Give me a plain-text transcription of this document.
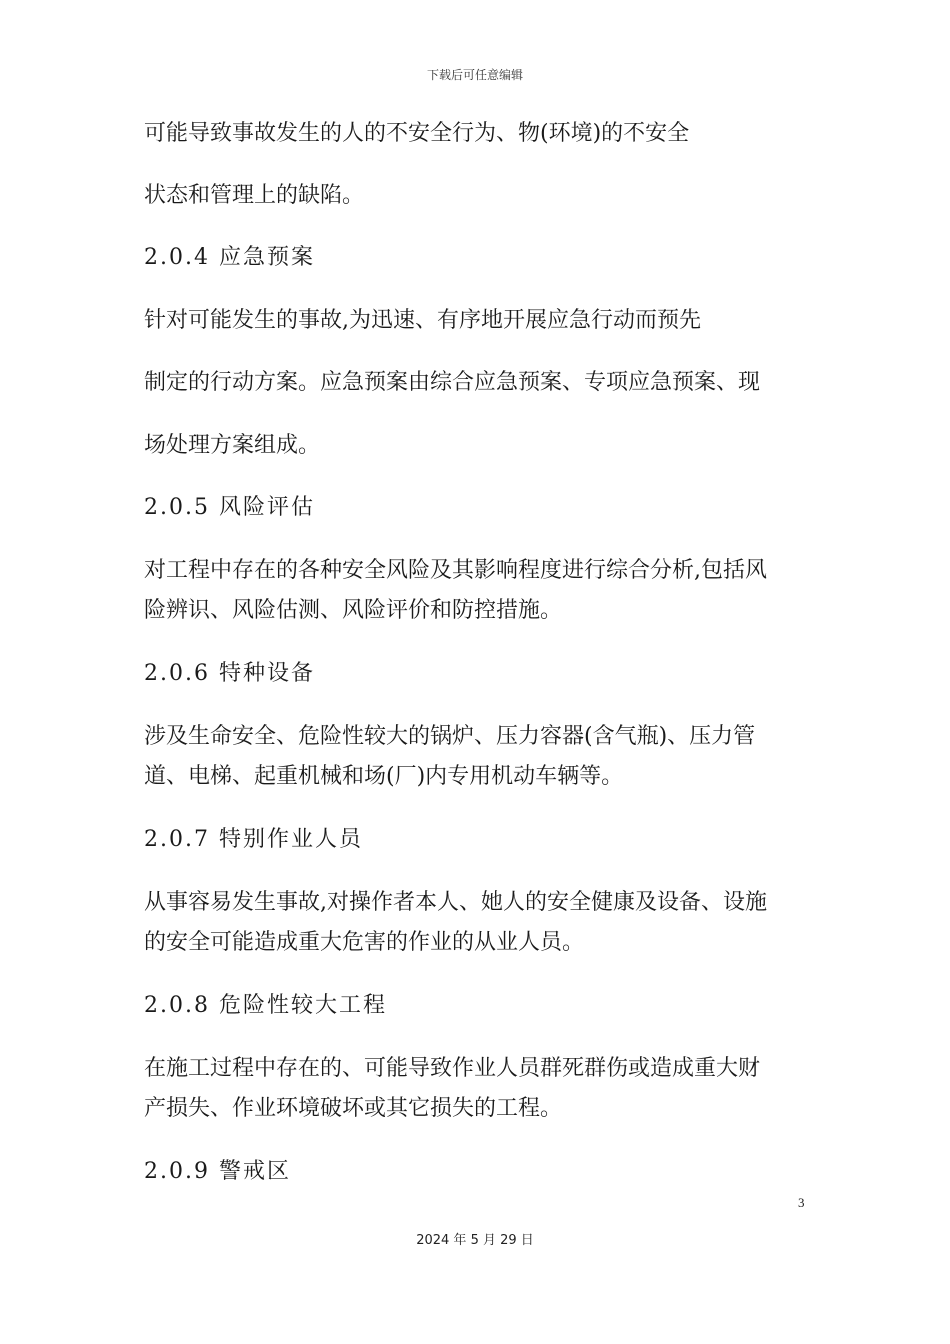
下载后可任意编辑
可能导致事故发生的人的不安全行为、物(环境)的不安全
状态和管理上的缺陷。
2.0.4 应急预案
针对可能发生的事故,为迅速、有序地开展应急行动而预先
制定的行动方案。应急预案由综合应急预案、专项应急预案、现
场处理方案组成。
2.0.5 风险评估
对工程中存在的各种安全风险及其影响程度进行综合分析,包括风
险辨识、风险估测、风险评价和防控措施。
2.0.6 特种设备
涉及生命安全、危险性较大的锅炉、压力容器(含气瓶)、压力管
道、电梯、起重机械和场(厂)内专用机动车辆等。
2.0.7 特别作业人员
从事容易发生事故,对操作者本人、她人的安全健康及设备、设施
的安全可能造成重大危害的作业的从业人员。
2.0.8 危险性较大工程
在施工过程中存在的、可能导致作业人员群死群伤或造成重大财
产损失、作业环境破坏或其它损失的工程。
2.0.9 警戒区
3
2024 年 5 月 29 日
